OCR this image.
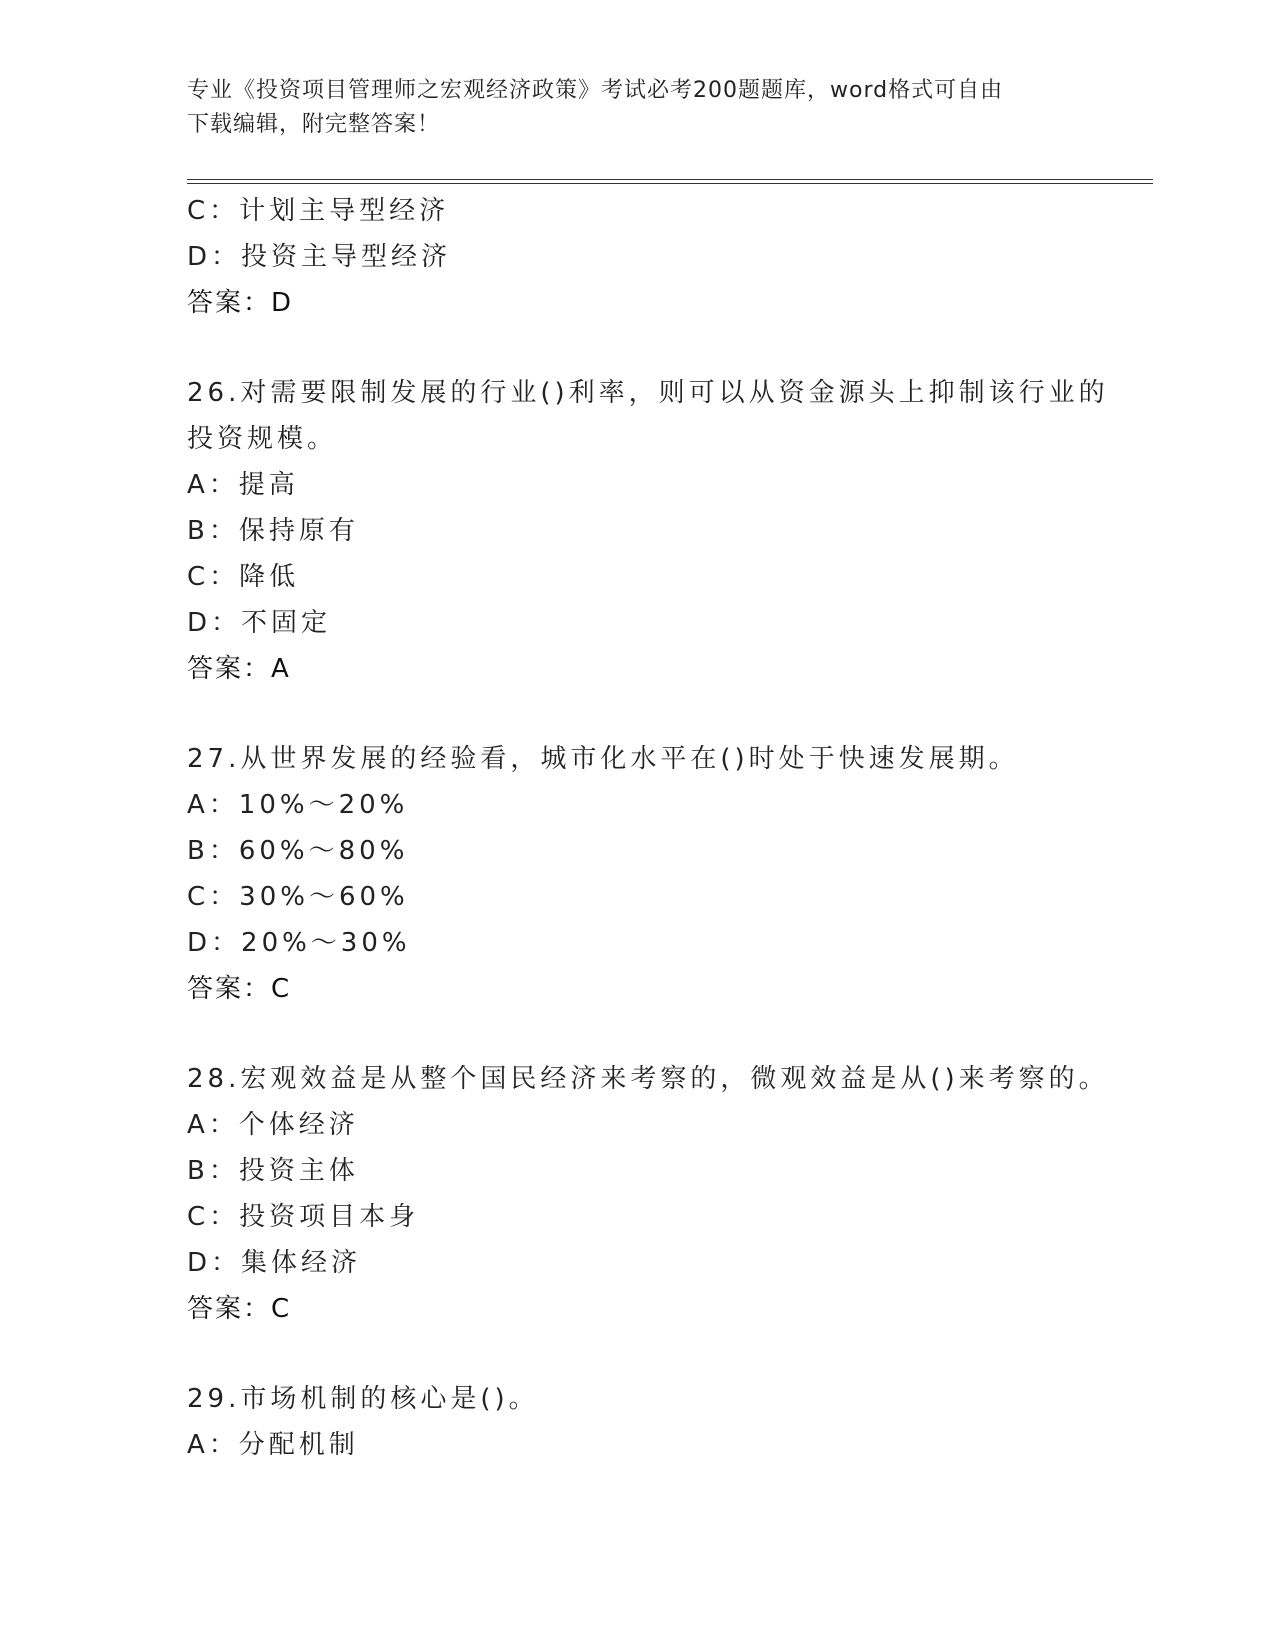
专业《投资项目管理师之宏观经济政策》考试必考200题题库，word格式可自由
下载编辑，附完整答案！
C：计划主导型经济
D：投资主导型经济
答案：D
26.对需要限制发展的行业()利率，则可以从资金源头上抑制该行业的
投资规模。
A：提高
B：保持原有
C：降低
D：不固定
答案：A
27.从世界发展的经验看，城市化水平在()时处于快速发展期。
A：10%～20%
B：60%～80%
C：30%～60%
D：20%～30%
答案：C
28.宏观效益是从整个国民经济来考察的，微观效益是从()来考察的。
A：个体经济
B：投资主体
C：投资项目本身
D：集体经济
答案：C
29.市场机制的核心是()。
A：分配机制
